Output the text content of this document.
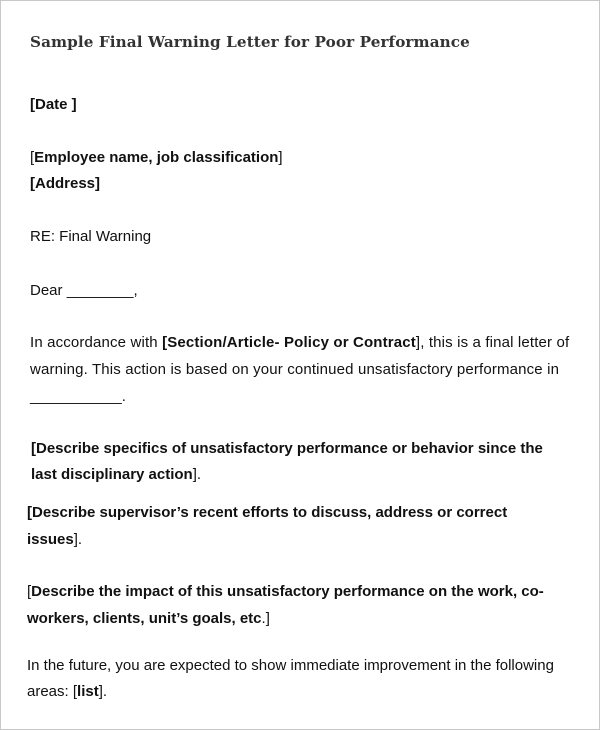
Sample Final Warning Letter for Poor Performance
[Date ]
[Employee name, job classification]
[Address]
RE: Final Warning
Dear ________,
In accordance with [Section/Article- Policy or Contract], this is a final letter of
warning. This action is based on your continued unsatisfactory performance in
___________.
[Describe specifics of unsatisfactory performance or behavior since the
last disciplinary action].
[Describe supervisor’s recent efforts to discuss, address or correct
issues].
[Describe the impact of this unsatisfactory performance on the work, co-
workers, clients, unit’s goals, etc.]
In the future, you are expected to show immediate improvement in the following
areas: [list].
